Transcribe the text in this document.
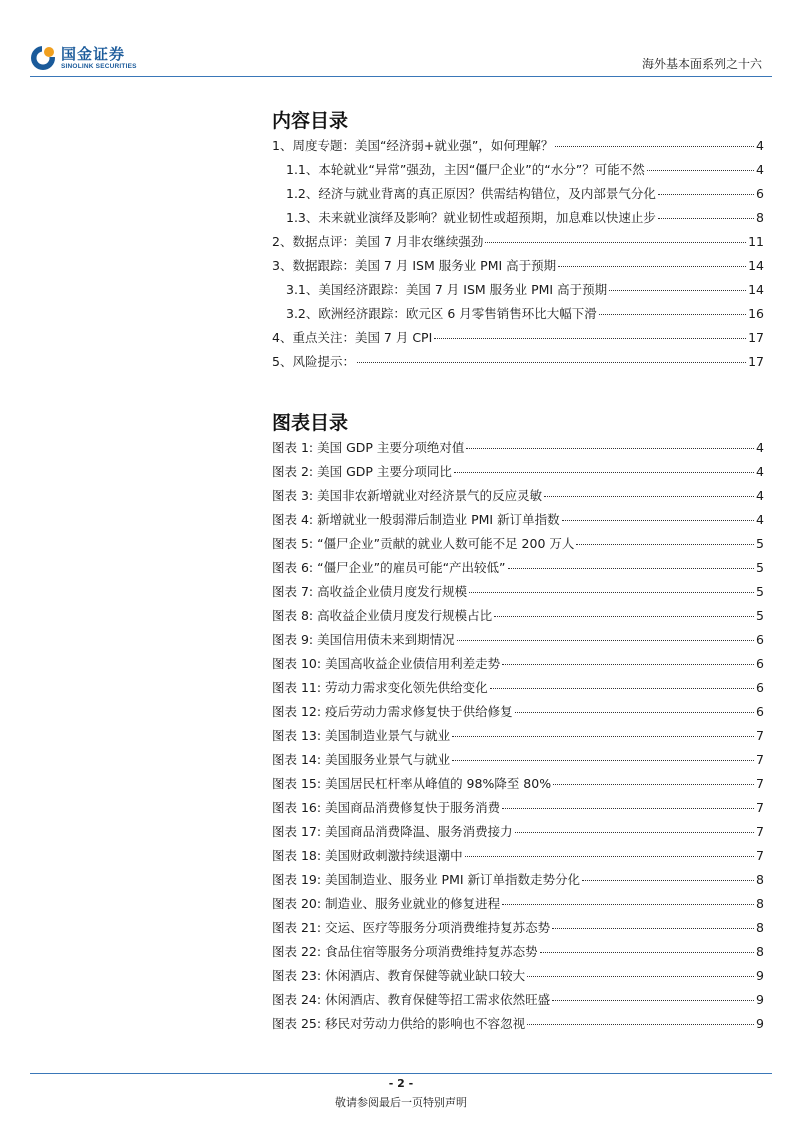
国金证券
SINOLINK SECURITIES	海外基本面系列之十六
内容目录
1、周度专题：美国“经济弱+就业强”，如何理解？	4
1.1、本轮就业“异常”强劲，主因“僵尸企业”的“水分”？可能不然	4
1.2、经济与就业背离的真正原因？供需结构错位，及内部景气分化	6
1.3、未来就业演绎及影响？就业韧性或超预期，加息难以快速止步	8
2、数据点评：美国 7 月非农继续强劲	11
3、数据跟踪：美国 7 月 ISM 服务业 PMI 高于预期	14
3.1、美国经济跟踪：美国 7 月 ISM 服务业 PMI 高于预期	14
3.2、欧洲经济跟踪：欧元区 6 月零售销售环比大幅下滑	16
4、重点关注：美国 7 月 CPI	17
5、风险提示：	17
图表目录
图表 1: 美国 GDP 主要分项绝对值	4
图表 2: 美国 GDP 主要分项同比	4
图表 3: 美国非农新增就业对经济景气的反应灵敏	4
图表 4: 新增就业一般弱滞后制造业 PMI 新订单指数	4
图表 5: “僵尸企业”贡献的就业人数可能不足 200 万人	5
图表 6: “僵尸企业”的雇员可能“产出较低”	5
图表 7: 高收益企业债月度发行规模	5
图表 8: 高收益企业债月度发行规模占比	5
图表 9: 美国信用债未来到期情况	6
图表 10: 美国高收益企业债信用利差走势	6
图表 11: 劳动力需求变化领先供给变化	6
图表 12: 疫后劳动力需求修复快于供给修复	6
图表 13: 美国制造业景气与就业	7
图表 14: 美国服务业景气与就业	7
图表 15: 美国居民杠杆率从峰值的 98%降至 80%	7
图表 16: 美国商品消费修复快于服务消费	7
图表 17: 美国商品消费降温、服务消费接力	7
图表 18: 美国财政刺激持续退潮中	7
图表 19: 美国制造业、服务业 PMI 新订单指数走势分化	8
图表 20: 制造业、服务业就业的修复进程	8
图表 21: 交运、医疗等服务分项消费维持复苏态势	8
图表 22: 食品住宿等服务分项消费维持复苏态势	8
图表 23: 休闲酒店、教育保健等就业缺口较大	9
图表 24: 休闲酒店、教育保健等招工需求依然旺盛	9
图表 25: 移民对劳动力供给的影响也不容忽视	9
- 2 -
敬请参阅最后一页特别声明
